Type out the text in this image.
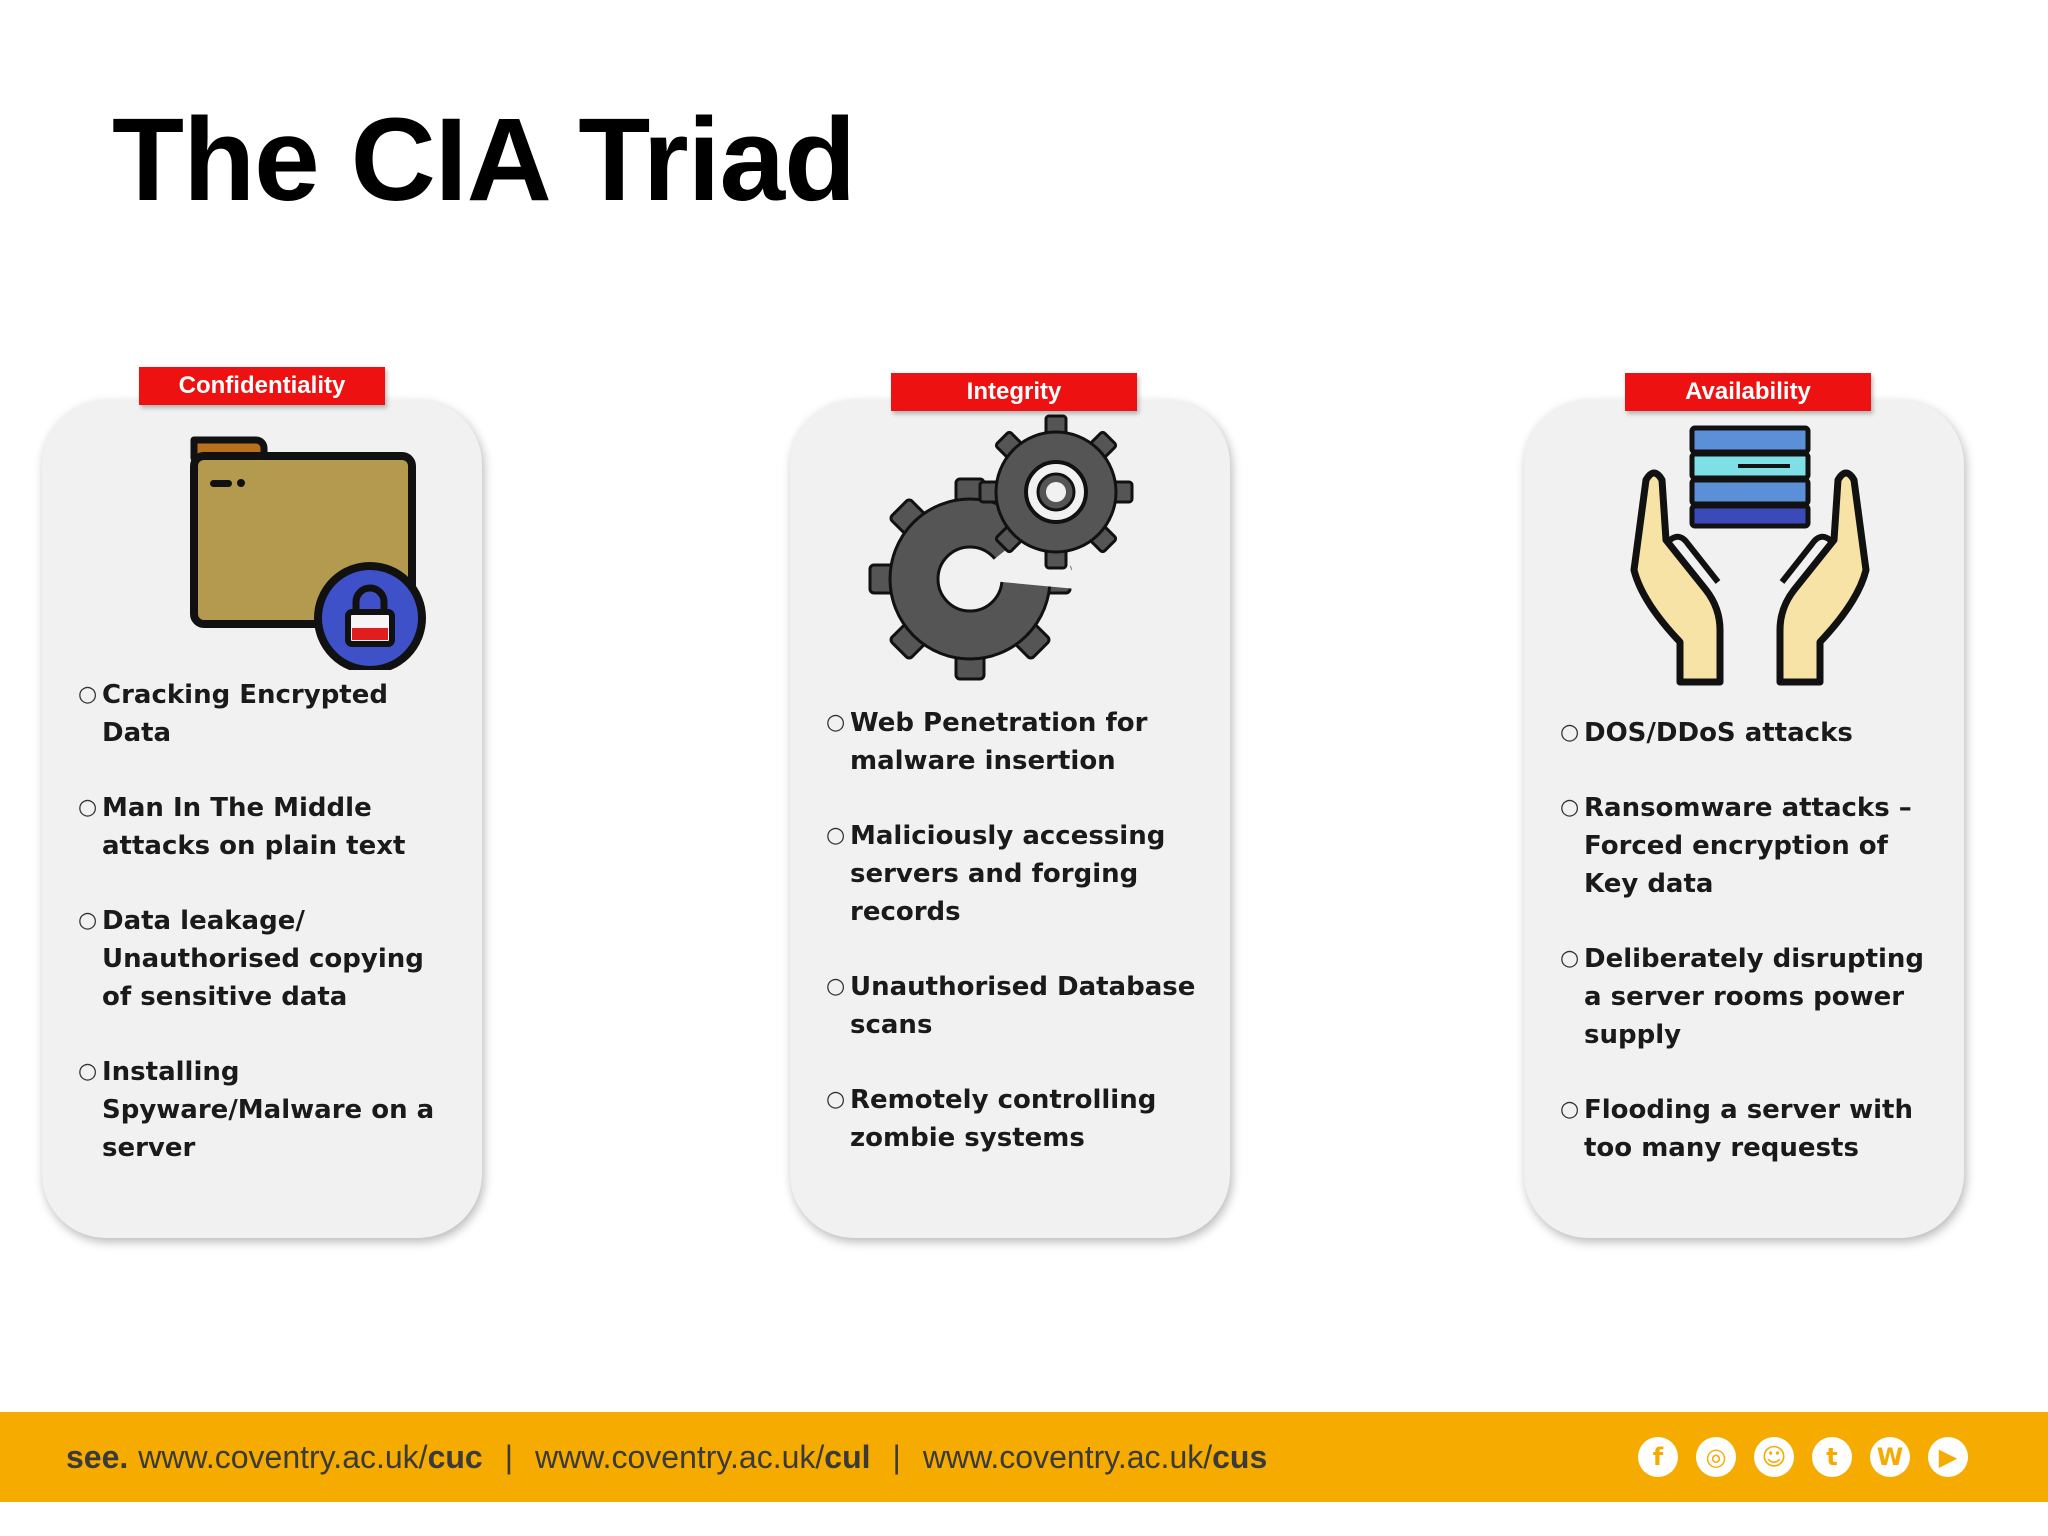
The CIA Triad
Confidentiality
○ Cracking Encrypted Data
○ Man In The Middle attacks on plain text
○ Data leakage/ Unauthorised copying of sensitive data
○ Installing Spyware/Malware on a server
Integrity
○ Web Penetration for malware insertion
○ Maliciously accessing servers and forging records
○ Unauthorised Database scans
○ Remotely controlling zombie systems
Availability
○ DOS/DDoS attacks
○ Ransomware attacks – Forced encryption of Key data
○ Deliberately disrupting a server rooms power supply
○ Flooding a server with too many requests
see. www.coventry.ac.uk/cuc | www.coventry.ac.uk/cul | www.coventry.ac.uk/cus	f	◎	☺	t	W	▶
